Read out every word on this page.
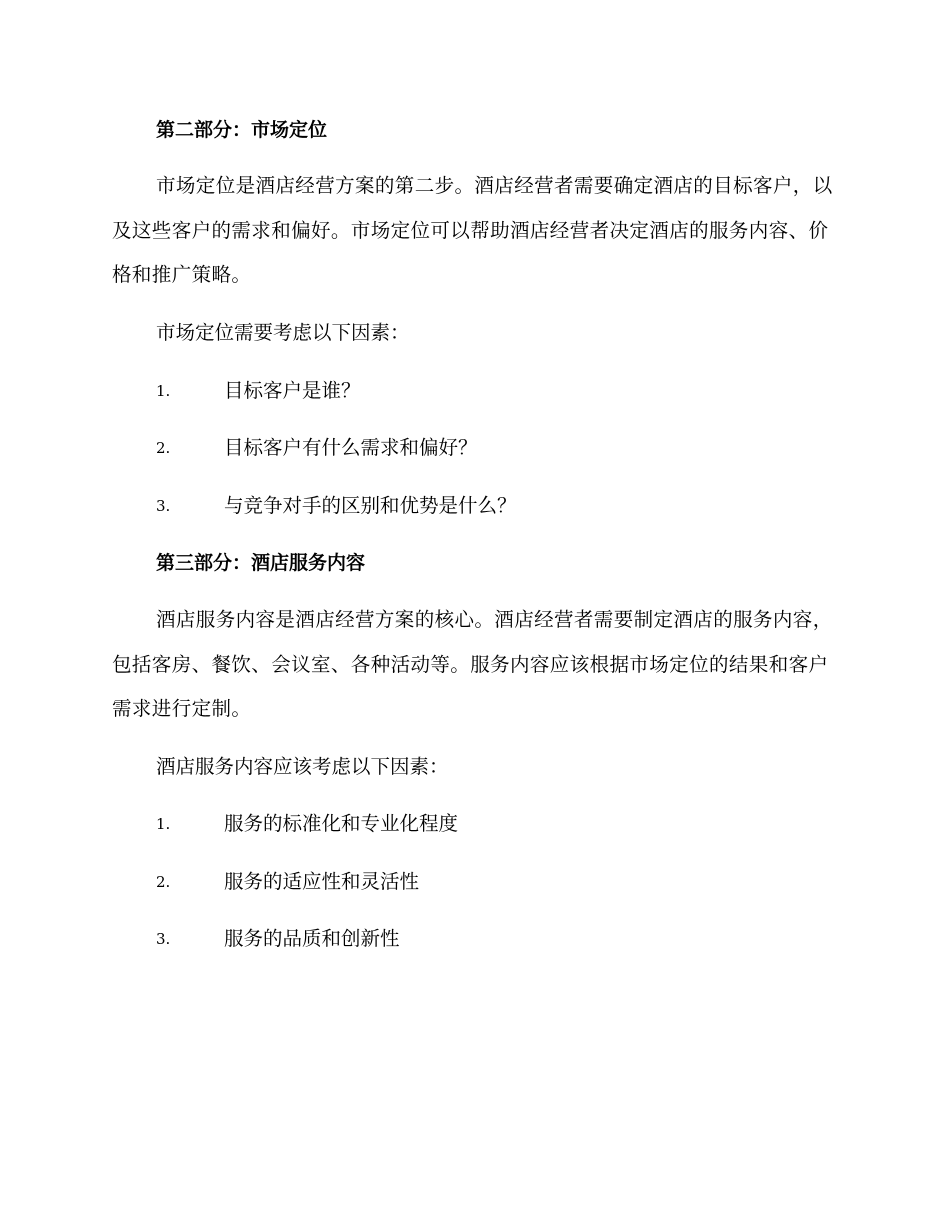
第二部分：市场定位

市场定位是酒店经营方案的第二步。酒店经营者需要确定酒店的目标客户，以及这些客户的需求和偏好。市场定位可以帮助酒店经营者决定酒店的服务内容、价格和推广策略。

市场定位需要考虑以下因素：

1.	目标客户是谁？
2.	目标客户有什么需求和偏好？
3.	与竞争对手的区别和优势是什么？
第三部分：酒店服务内容

酒店服务内容是酒店经营方案的核心。酒店经营者需要制定酒店的服务内容，包括客房、餐饮、会议室、各种活动等。服务内容应该根据市场定位的结果和客户需求进行定制。

酒店服务内容应该考虑以下因素：

1.	服务的标准化和专业化程度
2.	服务的适应性和灵活性
3.	服务的品质和创新性
